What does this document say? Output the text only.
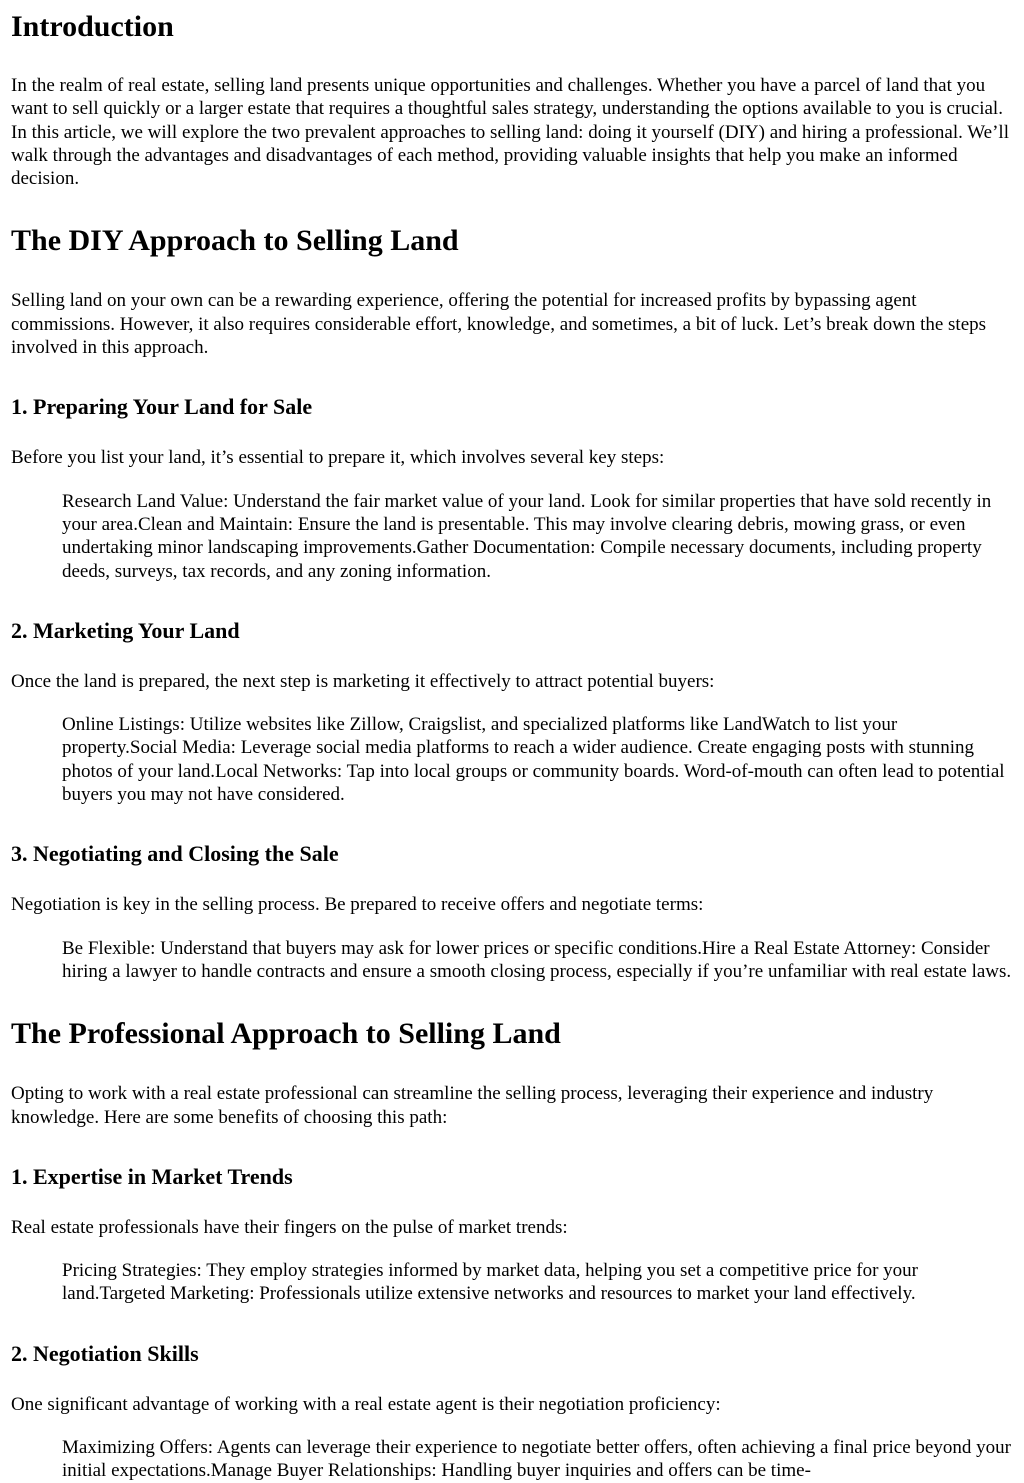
Introduction

In the realm of real estate, selling land presents unique opportunities and challenges. Whether you have a parcel of land that you want to sell quickly or a larger estate that requires a thoughtful sales strategy, understanding the options available to you is crucial. In this article, we will explore the two prevalent approaches to selling land: doing it yourself (DIY) and hiring a professional. We’ll walk through the advantages and disadvantages of each method, providing valuable insights that help you make an informed decision.

The DIY Approach to Selling Land

Selling land on your own can be a rewarding experience, offering the potential for increased profits by bypassing agent commissions. However, it also requires considerable effort, knowledge, and sometimes, a bit of luck. Let’s break down the steps involved in this approach.

1. Preparing Your Land for Sale

Before you list your land, it’s essential to prepare it, which involves several key steps:

Research Land Value: Understand the fair market value of your land. Look for similar properties that have sold recently in your area.Clean and Maintain: Ensure the land is presentable. This may involve clearing debris, mowing grass, or even undertaking minor landscaping improvements.Gather Documentation: Compile necessary documents, including property deeds, surveys, tax records, and any zoning information.
2. Marketing Your Land

Once the land is prepared, the next step is marketing it effectively to attract potential buyers:

Online Listings: Utilize websites like Zillow, Craigslist, and specialized platforms like LandWatch to list your property.Social Media: Leverage social media platforms to reach a wider audience. Create engaging posts with stunning photos of your land.Local Networks: Tap into local groups or community boards. Word-of-mouth can often lead to potential buyers you may not have considered.
3. Negotiating and Closing the Sale

Negotiation is key in the selling process. Be prepared to receive offers and negotiate terms:

Be Flexible: Understand that buyers may ask for lower prices or specific conditions.Hire a Real Estate Attorney: Consider hiring a lawyer to handle contracts and ensure a smooth closing process, especially if you’re unfamiliar with real estate laws.
The Professional Approach to Selling Land

Opting to work with a real estate professional can streamline the selling process, leveraging their experience and industry knowledge. Here are some benefits of choosing this path:

1. Expertise in Market Trends

Real estate professionals have their fingers on the pulse of market trends:

Pricing Strategies: They employ strategies informed by market data, helping you set a competitive price for your land.Targeted Marketing: Professionals utilize extensive networks and resources to market your land effectively.
2. Negotiation Skills

One significant advantage of working with a real estate agent is their negotiation proficiency:

Maximizing Offers: Agents can leverage their experience to negotiate better offers, often achieving a final price beyond your initial expectations.Manage Buyer Relationships: Handling buyer inquiries and offers can be time-
